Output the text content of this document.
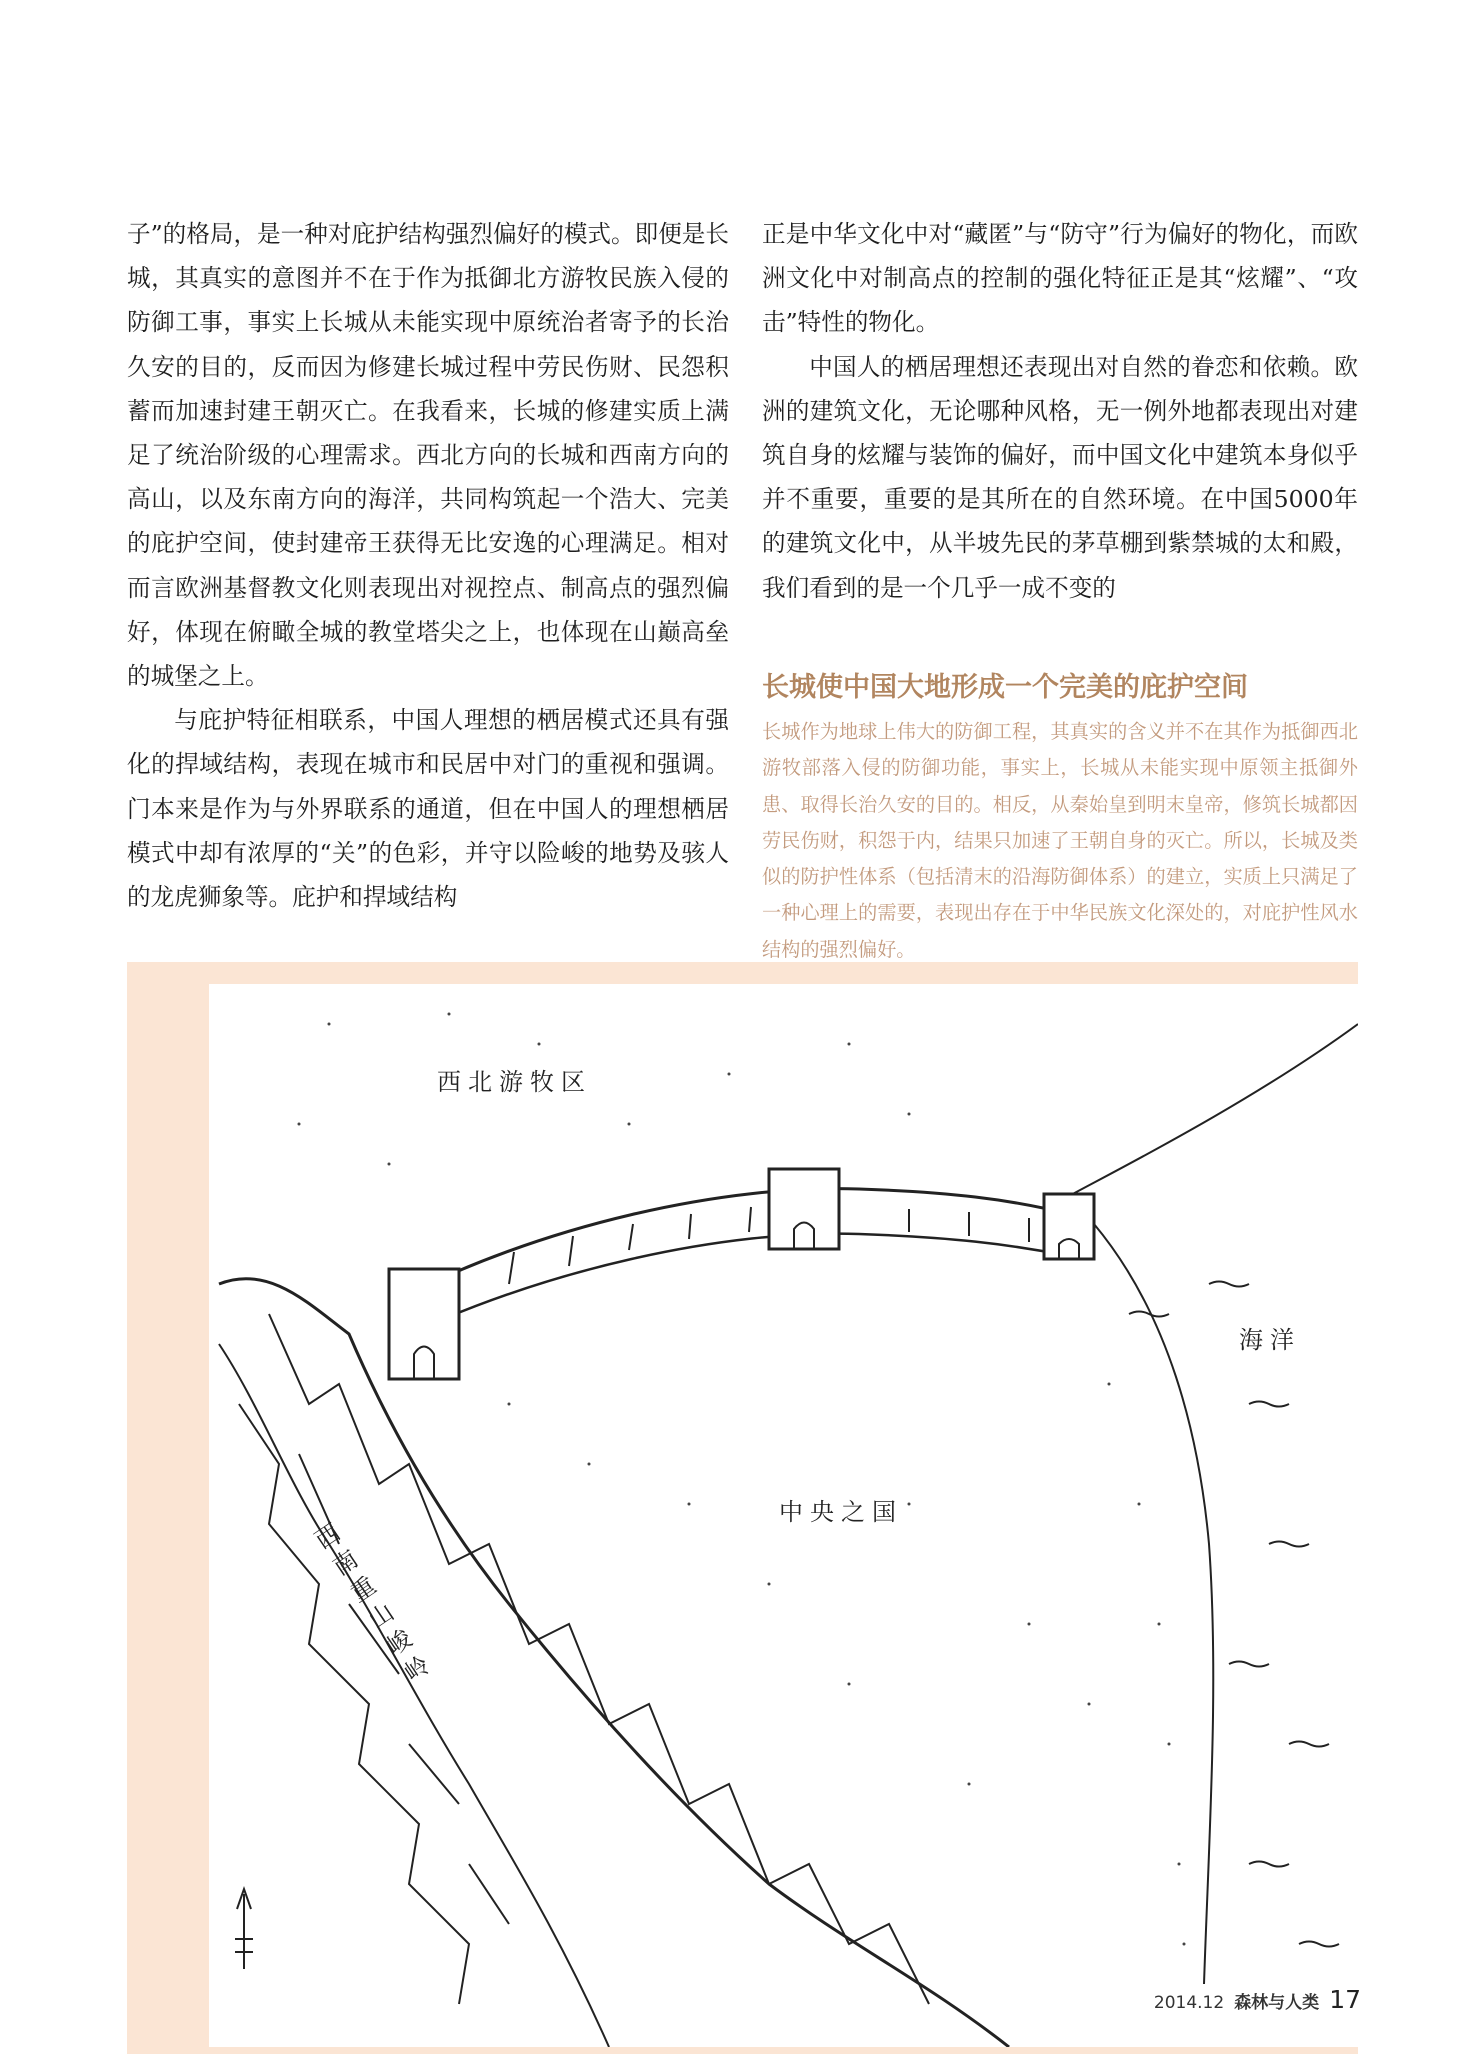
子”的格局，是一种对庇护结构强烈偏好的模式。即便是长城，其真实的意图并不在于作为抵御北方游牧民族入侵的防御工事，事实上长城从未能实现中原统治者寄予的长治久安的目的，反而因为修建长城过程中劳民伤财、民怨积蓄而加速封建王朝灭亡。在我看来，长城的修建实质上满足了统治阶级的心理需求。西北方向的长城和西南方向的高山，以及东南方向的海洋，共同构筑起一个浩大、完美的庇护空间，使封建帝王获得无比安逸的心理满足。相对而言欧洲基督教文化则表现出对视控点、制高点的强烈偏好，体现在俯瞰全城的教堂塔尖之上，也体现在山巅高垒的城堡之上。

与庇护特征相联系，中国人理想的栖居模式还具有强化的捍域结构，表现在城市和民居中对门的重视和强调。门本来是作为与外界联系的通道，但在中国人的理想栖居模式中却有浓厚的“关”的色彩，并守以险峻的地势及骇人的龙虎狮象等。庇护和捍域结构

正是中华文化中对“藏匿”与“防守”行为偏好的物化，而欧洲文化中对制高点的控制的强化特征正是其“炫耀”、“攻击”特性的物化。

中国人的栖居理想还表现出对自然的眷恋和依赖。欧洲的建筑文化，无论哪种风格，无一例外地都表现出对建筑自身的炫耀与装饰的偏好，而中国文化中建筑本身似乎并不重要，重要的是其所在的自然环境。在中国5000年的建筑文化中，从半坡先民的茅草棚到紫禁城的太和殿，我们看到的是一个几乎一成不变的

长城使中国大地形成一个完美的庇护空间

长城作为地球上伟大的防御工程，其真实的含义并不在其作为抵御西北游牧部落入侵的防御功能，事实上，长城从未能实现中原领主抵御外患、取得长治久安的目的。相反，从秦始皇到明末皇帝，修筑长城都因劳民伤财，积怨于内，结果只加速了王朝自身的灭亡。所以，长城及类似的防护性体系（包括清末的沿海防御体系）的建立，实质上只满足了一种心理上的需要，表现出存在于中华民族文化深处的，对庇护性风水结构的强烈偏好。

西北游牧区
海洋
中央之国
西南重山峻岭
2014.12 森林与人类 17
